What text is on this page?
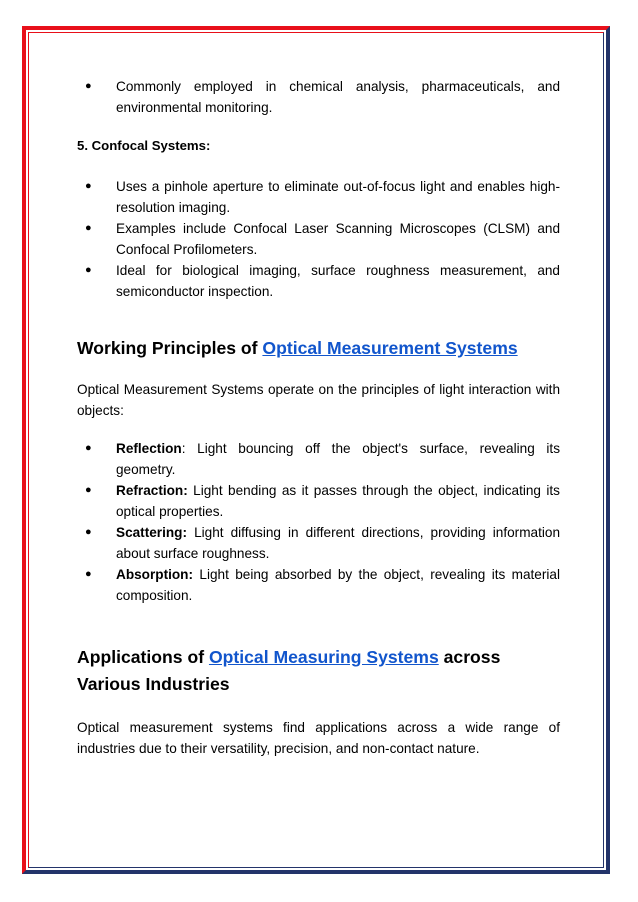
● Commonly employed in chemical analysis, pharmaceuticals, and environmental monitoring.

5. Confocal Systems:

● Uses a pinhole aperture to eliminate out-of-focus light and enables high-resolution imaging.
● Examples include Confocal Laser Scanning Microscopes (CLSM) and Confocal Profilometers.
● Ideal for biological imaging, surface roughness measurement, and semiconductor inspection.
Working Principles of Optical Measurement Systems

Optical Measurement Systems operate on the principles of light interaction with objects:

● Reflection: Light bouncing off the object's surface, revealing its geometry.
● Refraction: Light bending as it passes through the object, indicating its optical properties.
● Scattering: Light diffusing in different directions, providing information about surface roughness.
● Absorption: Light being absorbed by the object, revealing its material composition.
Applications of Optical Measuring Systems across Various Industries

Optical measurement systems find applications across a wide range of industries due to their versatility, precision, and non-contact nature.
